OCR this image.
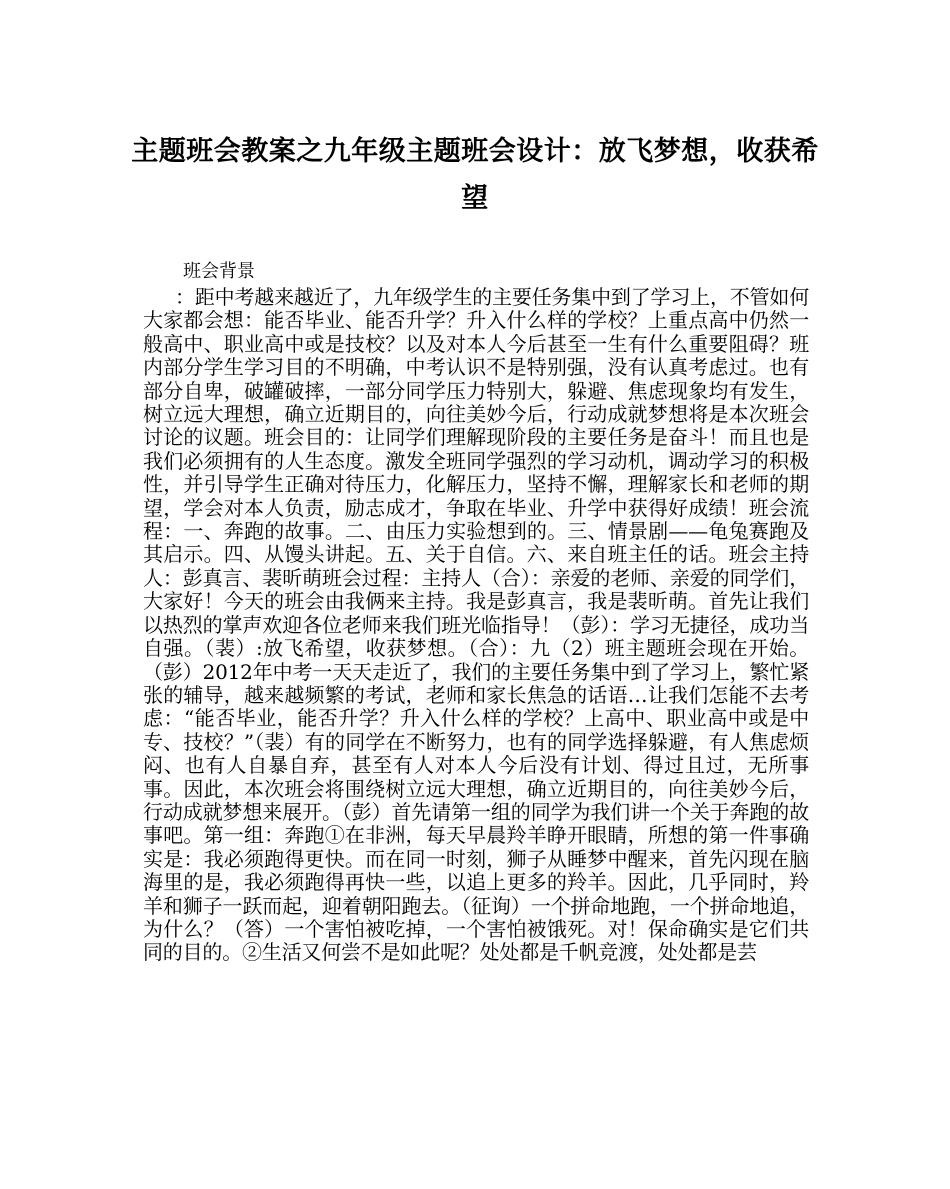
主题班会教案之九年级主题班会设计：放飞梦想，收获希望

班会背景

：距中考越来越近了，九年级学生的主要任务集中到了学习上，不管如何大家都会想：能否毕业、能否升学？升入什么样的学校？上重点高中仍然一般高中、职业高中或是技校？以及对本人今后甚至一生有什么重要阻碍？班内部分学生学习目的不明确，中考认识不是特别强，没有认真考虑过。也有部分自卑，破罐破摔，一部分同学压力特别大，躲避、焦虑现象均有发生，树立远大理想，确立近期目的，向往美妙今后，行动成就梦想将是本次班会讨论的议题。班会目的：让同学们理解现阶段的主要任务是奋斗！而且也是我们必须拥有的人生态度。激发全班同学强烈的学习动机，调动学习的积极性，并引导学生正确对待压力，化解压力，坚持不懈，理解家长和老师的期望，学会对本人负责，励志成才，争取在毕业、升学中获得好成绩！班会流程：一、奔跑的故事。二、由压力实验想到的。三、情景剧——龟兔赛跑及其启示。四、从馒头讲起。五、关于自信。六、来自班主任的话。班会主持人：彭真言、裴昕萌班会过程：主持人（合）：亲爱的老师、亲爱的同学们，大家好！今天的班会由我俩来主持。我是彭真言，我是裴昕萌。首先让我们以热烈的掌声欢迎各位老师来我们班光临指导！（彭）：学习无捷径，成功当自强。（裴）:放飞希望，收获梦想。（合）：九（2）班主题班会现在开始。（彭）2012年中考一天天走近了，我们的主要任务集中到了学习上，繁忙紧张的辅导，越来越频繁的考试，老师和家长焦急的话语…让我们怎能不去考虑：“能否毕业，能否升学？升入什么样的学校？上高中、职业高中或是中专、技校？”（裴）有的同学在不断努力，也有的同学选择躲避，有人焦虑烦闷、也有人自暴自弃，甚至有人对本人今后没有计划、得过且过，无所事事。因此，本次班会将围绕树立远大理想，确立近期目的，向往美妙今后，行动成就梦想来展开。（彭）首先请第一组的同学为我们讲一个关于奔跑的故事吧。第一组：奔跑①在非洲，每天早晨羚羊睁开眼睛，所想的第一件事确实是：我必须跑得更快。而在同一时刻，狮子从睡梦中醒来，首先闪现在脑海里的是，我必须跑得再快一些，以追上更多的羚羊。因此，几乎同时，羚羊和狮子一跃而起，迎着朝阳跑去。（征询）一个拼命地跑，一个拼命地追，为什么？（答）一个害怕被吃掉，一个害怕被饿死。对！保命确实是它们共同的目的。②生活又何尝不是如此呢？处处都是千帆竞渡，处处都是芸
